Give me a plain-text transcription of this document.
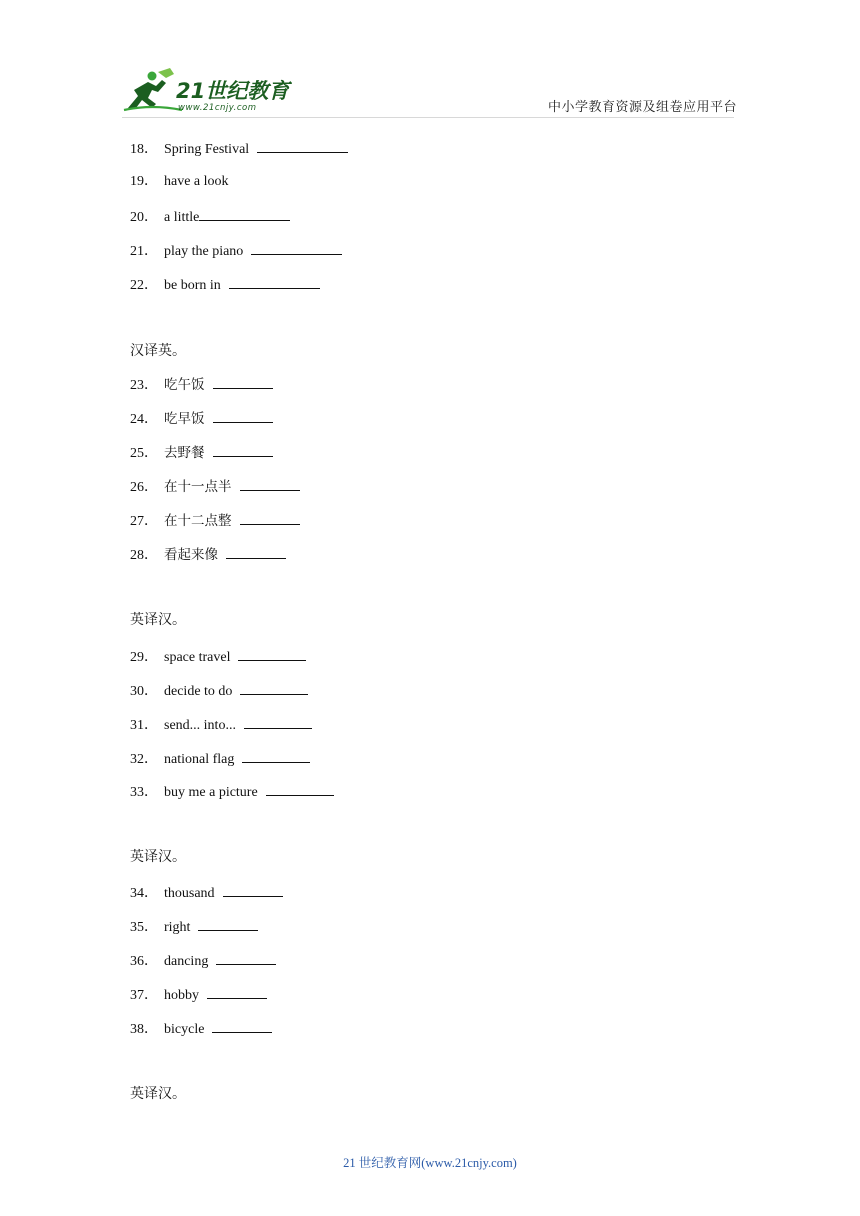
21世纪教育
www.21cnjy.com	中小学教育资源及组卷应用平台
18． Spring Festival
19． have a look
20． a little
21． play the piano
22． be born in
汉译英。
23． 吃午饭
24． 吃早饭
25． 去野餐
26． 在十一点半
27． 在十二点整
28． 看起来像
英译汉。
29． space travel
30． decide to do
31． send... into...
32． national flag
33． buy me a picture
英译汉。
34． thousand
35． right
36． dancing
37． hobby
38． bicycle
英译汉。
21 世纪教育网(www.21cnjy.com)
